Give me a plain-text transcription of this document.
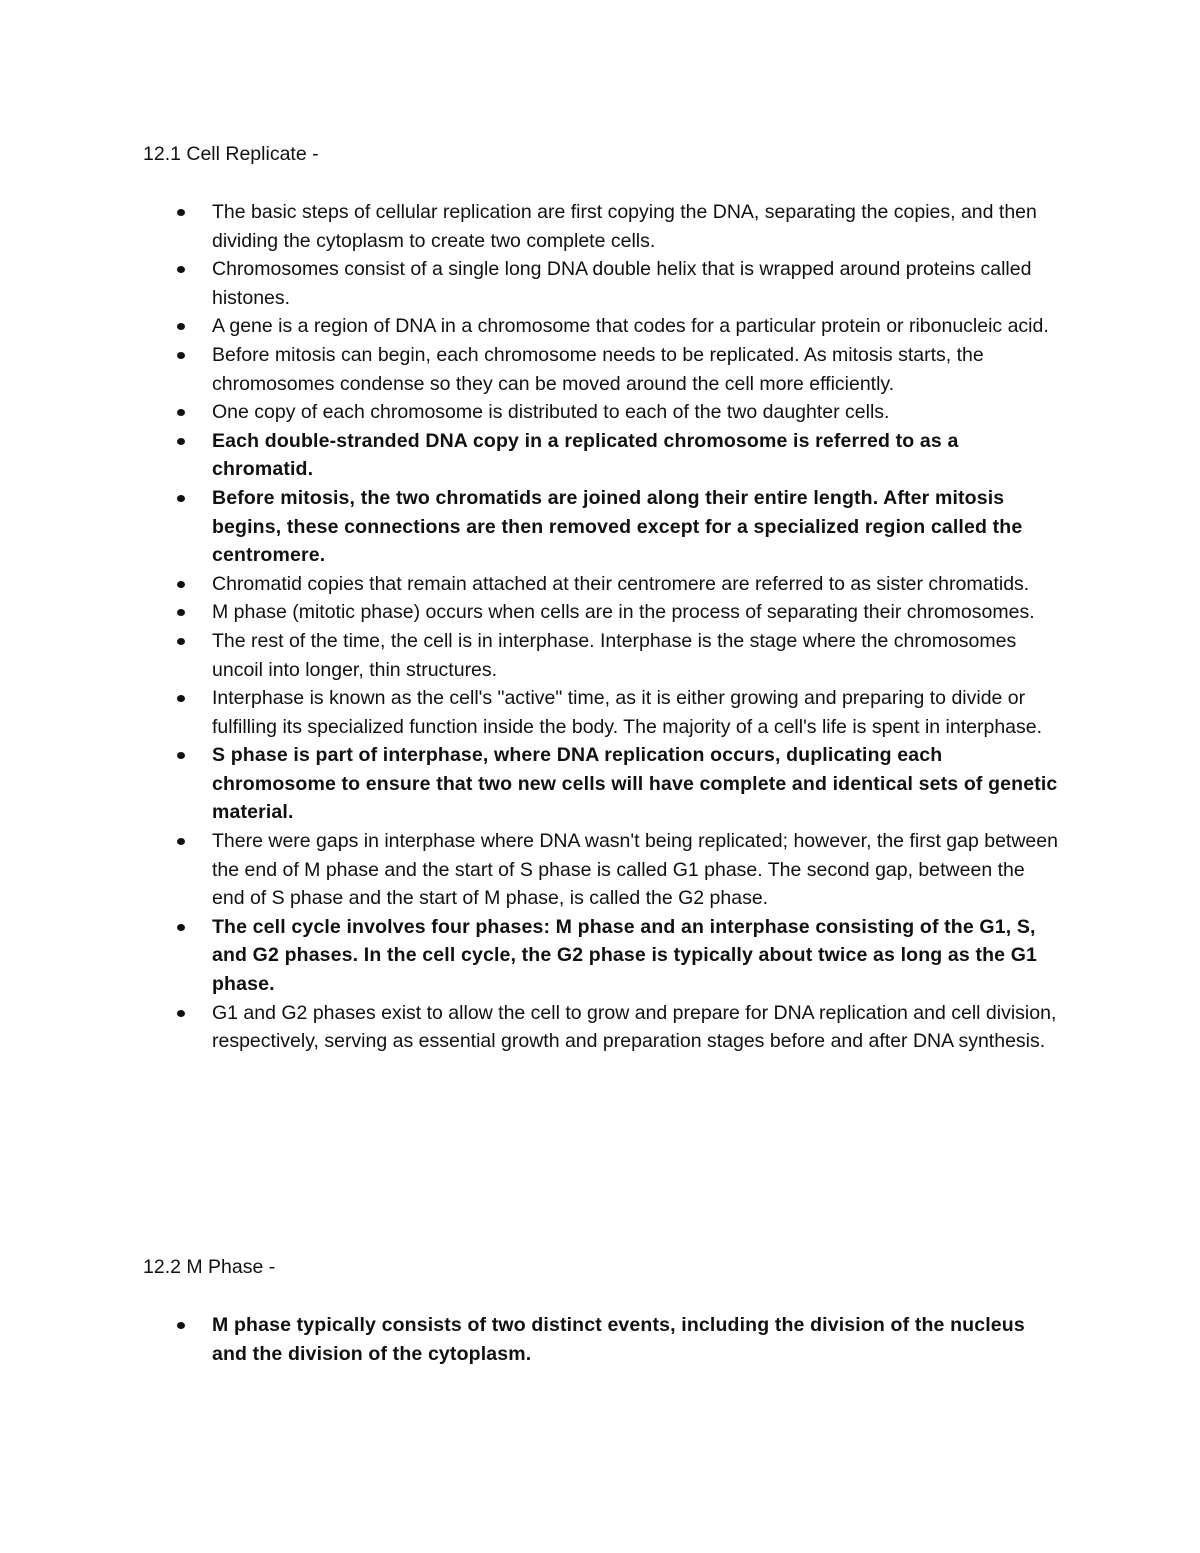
12.1 Cell Replicate -
The basic steps of cellular replication are first copying the DNA, separating the copies, and then dividing the cytoplasm to create two complete cells.
Chromosomes consist of a single long DNA double helix that is wrapped around proteins called histones.
A gene is a region of DNA in a chromosome that codes for a particular protein or ribonucleic acid.
Before mitosis can begin, each chromosome needs to be replicated. As mitosis starts, the chromosomes condense so they can be moved around the cell more efficiently.
One copy of each chromosome is distributed to each of the two daughter cells.
Each double-stranded DNA copy in a replicated chromosome is referred to as a chromatid.
Before mitosis, the two chromatids are joined along their entire length. After mitosis begins, these connections are then removed except for a specialized region called the centromere.
Chromatid copies that remain attached at their centromere are referred to as sister chromatids.
M phase (mitotic phase) occurs when cells are in the process of separating their chromosomes.
The rest of the time, the cell is in interphase. Interphase is the stage where the chromosomes uncoil into longer, thin structures.
Interphase is known as the cell's "active" time, as it is either growing and preparing to divide or fulfilling its specialized function inside the body. The majority of a cell's life is spent in interphase.
S phase is part of interphase, where DNA replication occurs, duplicating each chromosome to ensure that two new cells will have complete and identical sets of genetic material.
There were gaps in interphase where DNA wasn't being replicated; however, the first gap between the end of M phase and the start of S phase is called G1 phase. The second gap, between the end of S phase and the start of M phase, is called the G2 phase.
The cell cycle involves four phases: M phase and an interphase consisting of the G1, S, and G2 phases. In the cell cycle, the G2 phase is typically about twice as long as the G1 phase.
G1 and G2 phases exist to allow the cell to grow and prepare for DNA replication and cell division, respectively, serving as essential growth and preparation stages before and after DNA synthesis.
12.2 M Phase -
M phase typically consists of two distinct events, including the division of the nucleus and the division of the cytoplasm.
